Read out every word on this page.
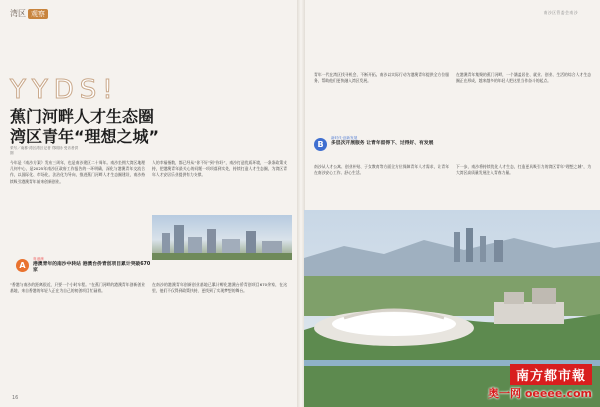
湾区 观察
YYDS!
蕉门河畔人才生态圈
湾区青年“理想之城”
采写／南都·湾区湾区记者 郑明扬 受访者供图

今年是《南沙方案》发布三周年，也是南沙建区二十周年。南沙坐拥大湾区地理几何中心，是2025年南沙区政府工作报告的一环明确，深化与港澳青年交流合作，以国际化、市场化、法治化为导向，推进蕉门河畔人才生态圈建设，南沙持续吸引港澳青年前来创新创业。

人的幸福指数，都已经从“你不好”到“你好”，南沙打造优质环境，一条条政策支持，把港澳青年最关心的问题一项项落到实处，持续打造人才生态圈，为湾区青年人才安居乐业提供有力支撑。

A
粤港澳
港澳青年的南沙中转站 港澳台侨青创项目累计突破670家

“香港与南沙的距离很近，只要一个小时车程。”在蕉门河畔的港澳青年创新创业基地，来自香港的年轻人正在为自己的初创项目忙碌着。

在南沙的港澳青年创新创业基地已累计孵化港澳台侨青创项目670余家，在这里，他们不仅得到政策扶持，更找到了实现梦想的舞台。

16
南沙区管委会南沙

青年一代在湾区找寻机会，不断开拓。南沙以实际行动为港澳青年提供全方位服务，帮助他们更快融入湾区发展。

在港澳青年集聚的蕉门河畔，一个涵盖居住、就业、创业、生活的综合人才生态圈正在形成，越来越多的年轻人把这里当作奋斗的起点。

B
新时代·创新发展
多层次开展服务 让青年留得下、过得好、有发展

南沙从人才公寓、创业补贴、子女教育等方面全方位保障青年人才需求，让青年在南沙安心工作、舒心生活。

下一步，南沙将持续优化人才生态，打造更具吸引力的湾区青年“理想之城”，为大湾区高质量发展注入青春力量。

南方都市報
奥一网 oeeee.com
